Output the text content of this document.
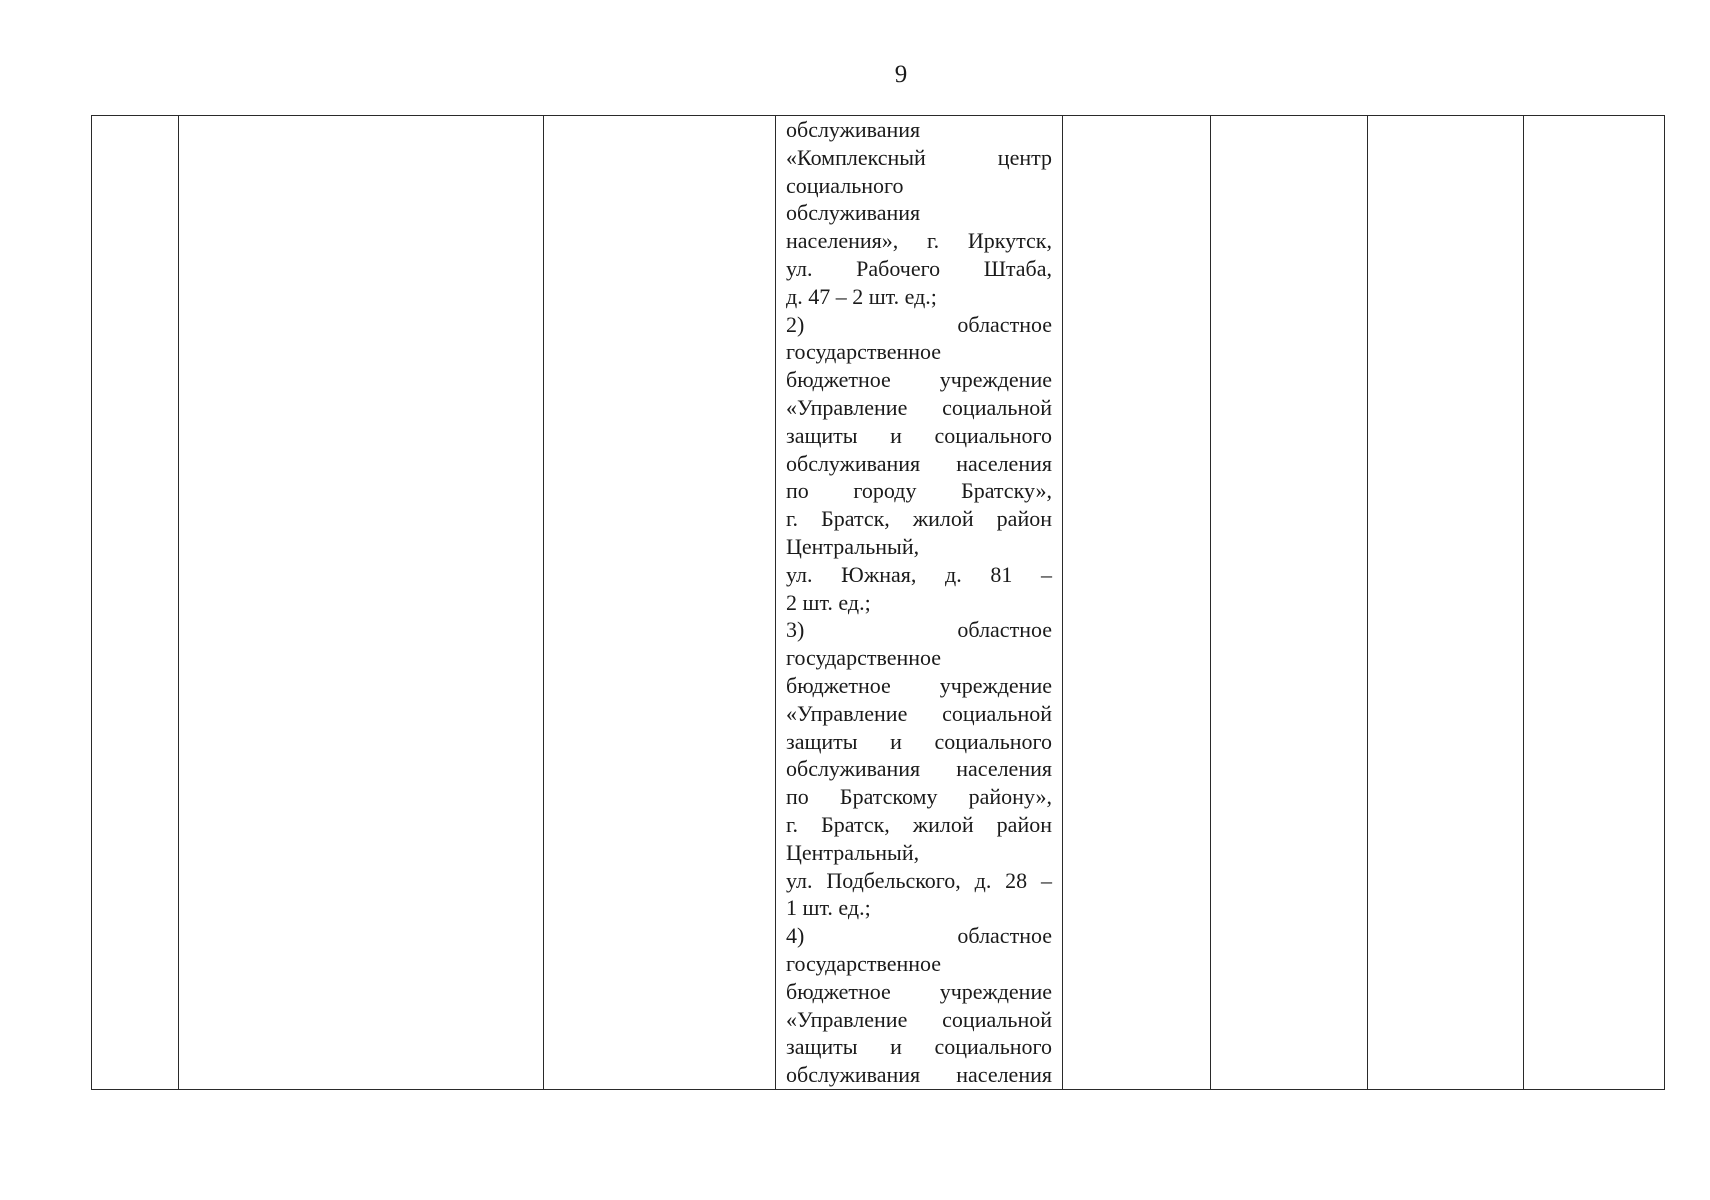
9

обслуживания
«Комплексный центр
социального
обслуживания
населения», г. Иркутск,
ул. Рабочего Штаба,
д. 47 – 2 шт. ед.;
2) областное
государственное
бюджетное учреждение
«Управление социальной
защиты и социального
обслуживания населения
по городу Братску»,
г. Братск, жилой район
Центральный,
ул. Южная, д. 81 –
2 шт. ед.;
3) областное
государственное
бюджетное учреждение
«Управление социальной
защиты и социального
обслуживания населения
по Братскому району»,
г. Братск, жилой район
Центральный,
ул. Подбельского, д. 28 –
1 шт. ед.;
4) областное
государственное
бюджетное учреждение
«Управление социальной
защиты и социального
обслуживания населения
